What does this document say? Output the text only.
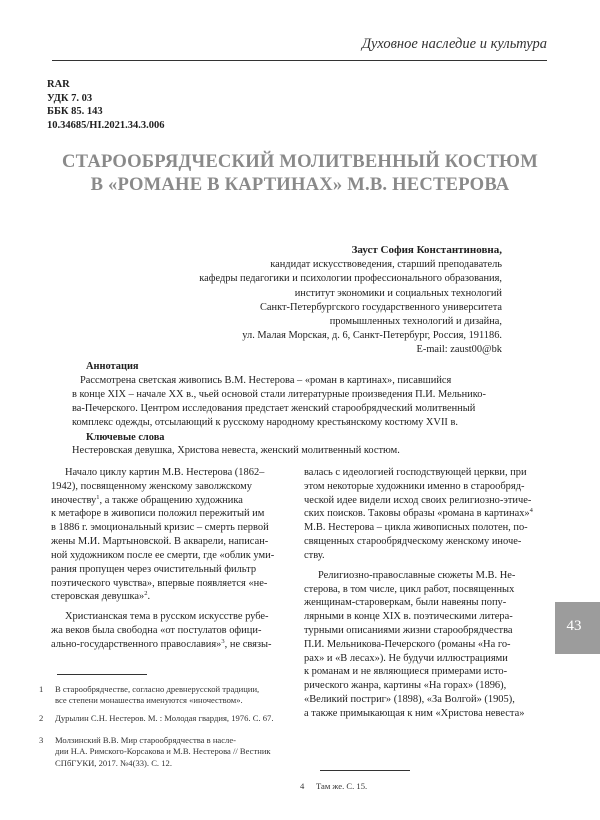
Духовное наследие и культура
RAR
УДК 7. 03
ББК 85. 143
10.34685/HI.2021.34.3.006
СТАРООБРЯДЧЕСКИЙ МОЛИТВЕННЫЙ КОСТЮМ
В «РОМАНЕ В КАРТИНАХ» М.В. НЕСТЕРОВА
Зауст София Константиновна,
кандидат искусствоведения, старший преподаватель
кафедры педагогики и психологии профессионального образования,
институт экономики и социальных технологий
Санкт-Петербургского государственного университета
промышленных технологий и дизайна,
ул. Малая Морская, д. 6, Санкт-Петербург, Россия, 191186.
E-mail: zaust00@bk
Аннотация
Рассмотрена светская живопись В.М. Нестерова – «роман в картинах», писавшийся
в конце XIX – начале XX в., чьей основой стали литературные произведения П.И. Мельнико-
ва-Печерского. Центром исследования предстает женский старообрядческий молитвенный
комплекс одежды, отсылающий к русскому народному крестьянскому костюму XVII в.
Ключевые слова
Нестеровская девушка, Христова невеста, женский молитвенный костюм.
Начало циклу картин М.В. Нестерова (1862–
1942), посвященному женскому заволжскому
иночеству$^1$, а также обращению художника
к метафоре в живописи положил пережитый им
в 1886 г. эмоциональный кризис – смерть первой
жены М.И. Мартыновской. В акварели, написан-
ной художником после ее смерти, где «облик уми-
рания пропущен через очистительный фильтр
поэтического чувства», впервые появляется «не-
стеровская девушка»$^2$.
Христианская тема в русском искусстве рубе-
жа веков была свободна «от постулатов офици-
ально-государственного православия»$^3$, не связы-
валась с идеологией господствующей церкви, при
этом некоторые художники именно в старообряд-
ческой идее видели исход своих религиозно-этиче-
ских поисков. Таковы образы «романа в картинах»$^4$
М.В. Нестерова – цикла живописных полотен, по-
священных старообрядческому женскому иноче-
ству.
Религиозно-православные сюжеты М.В. Не-
стерова, в том числе, цикл работ, посвященных
женщинам-староверкам, были навеяны попу-
лярными в конце XIX в. поэтическими литера-
турными описаниями жизни старообрядчества
П.И. Мельникова-Печерского (романы «На го-
рах» и «В лесах»). Не будучи иллюстрациями
к романам и не являющиеся примерами исто-
рического жанра, картины «На горах» (1896),
«Великий постриг» (1898), «За Волгой» (1905),
а также примыкающая к ним «Христова невеста»
1 В старообрядчестве, согласно древнерусской традиции,
все степени монашества именуются «иночеством».
2 Дурылин С.Н. Нестеров. М. : Молодая гвардия, 1976. С. 67.
3 Молзинский В.В. Мир старообрядчества в насле-
дии Н.А. Римского-Корсакова и М.В. Нестерова // Вестник
СПбГУКИ, 2017. №4(33). С. 12.
4 Там же. С. 15.
43
